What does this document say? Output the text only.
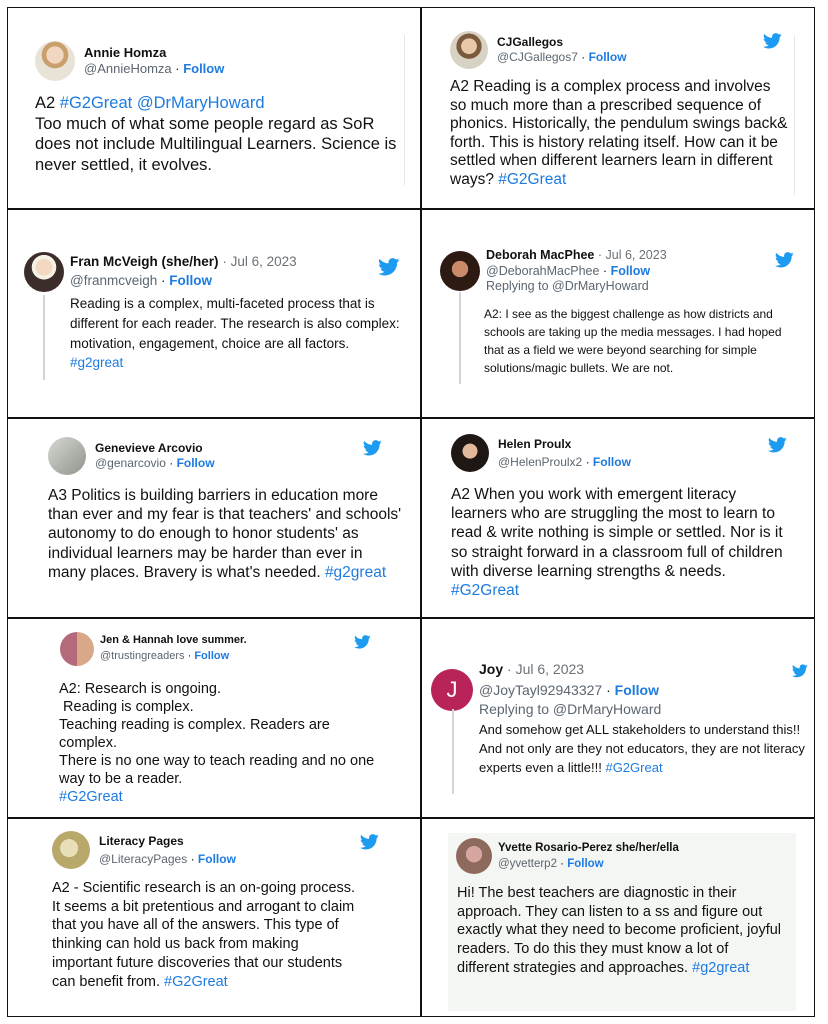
Annie Homza
@AnnieHomza · Follow
A2 #G2Great @DrMaryHoward
Too much of what some people regard as SoR does not include Multilingual Learners. Science is never settled, it evolves.
CJGallegos
@CJGallegos7 · Follow
A2 Reading is a complex process and involves so much more than a prescribed sequence of phonics. Historically, the pendulum swings back& forth. This is history relating itself. How can it be settled when different learners learn in different ways? #G2Great
Fran McVeigh (she/her) · Jul 6, 2023
@franmcveigh · Follow
Reading is a complex, multi-faceted process that is different for each reader. The research is also complex: motivation, engagement, choice are all factors. #g2great
Deborah MacPhee · Jul 6, 2023
@DeborahMacPhee · Follow
Replying to @DrMaryHoward
A2: I see as the biggest challenge as how districts and schools are taking up the media messages. I had hoped that as a field we were beyond searching for simple solutions/magic bullets. We are not.
Genevieve Arcovio
@genarcovio · Follow
A3 Politics is building barriers in education more than ever and my fear is that teachers' and schools' autonomy to do enough to honor students' as individual learners may be harder than ever in many places. Bravery is what's needed. #g2great
Helen Proulx
@HelenProulx2 · Follow
A2 When you work with emergent literacy learners who are struggling the most to learn to read & write nothing is simple or settled. Nor is it so straight forward in a classroom full of children with diverse learning strengths & needs. #G2Great
Jen & Hannah love summer.
@trustingreaders · Follow
A2: Research is ongoing.
Reading is complex.
Teaching reading is complex. Readers are complex.
There is no one way to teach reading and no one way to be a reader.
#G2Great
J
Joy · Jul 6, 2023
@JoyTayl92943327 · Follow
Replying to @DrMaryHoward
And somehow get ALL stakeholders to understand this!! And not only are they not educators, they are not literacy experts even a little!!! #G2Great
Literacy Pages
@LiteracyPages · Follow
A2 - Scientific research is an on-going process. It seems a bit pretentious and arrogant to claim that you have all of the answers. This type of thinking can hold us back from making important future discoveries that our students can benefit from. #G2Great
Yvette Rosario-Perez she/her/ella
@yvetterp2 · Follow
Hi! The best teachers are diagnostic in their approach. They can listen to a ss and figure out exactly what they need to become proficient, joyful readers. To do this they must know a lot of different strategies and approaches. #g2great
